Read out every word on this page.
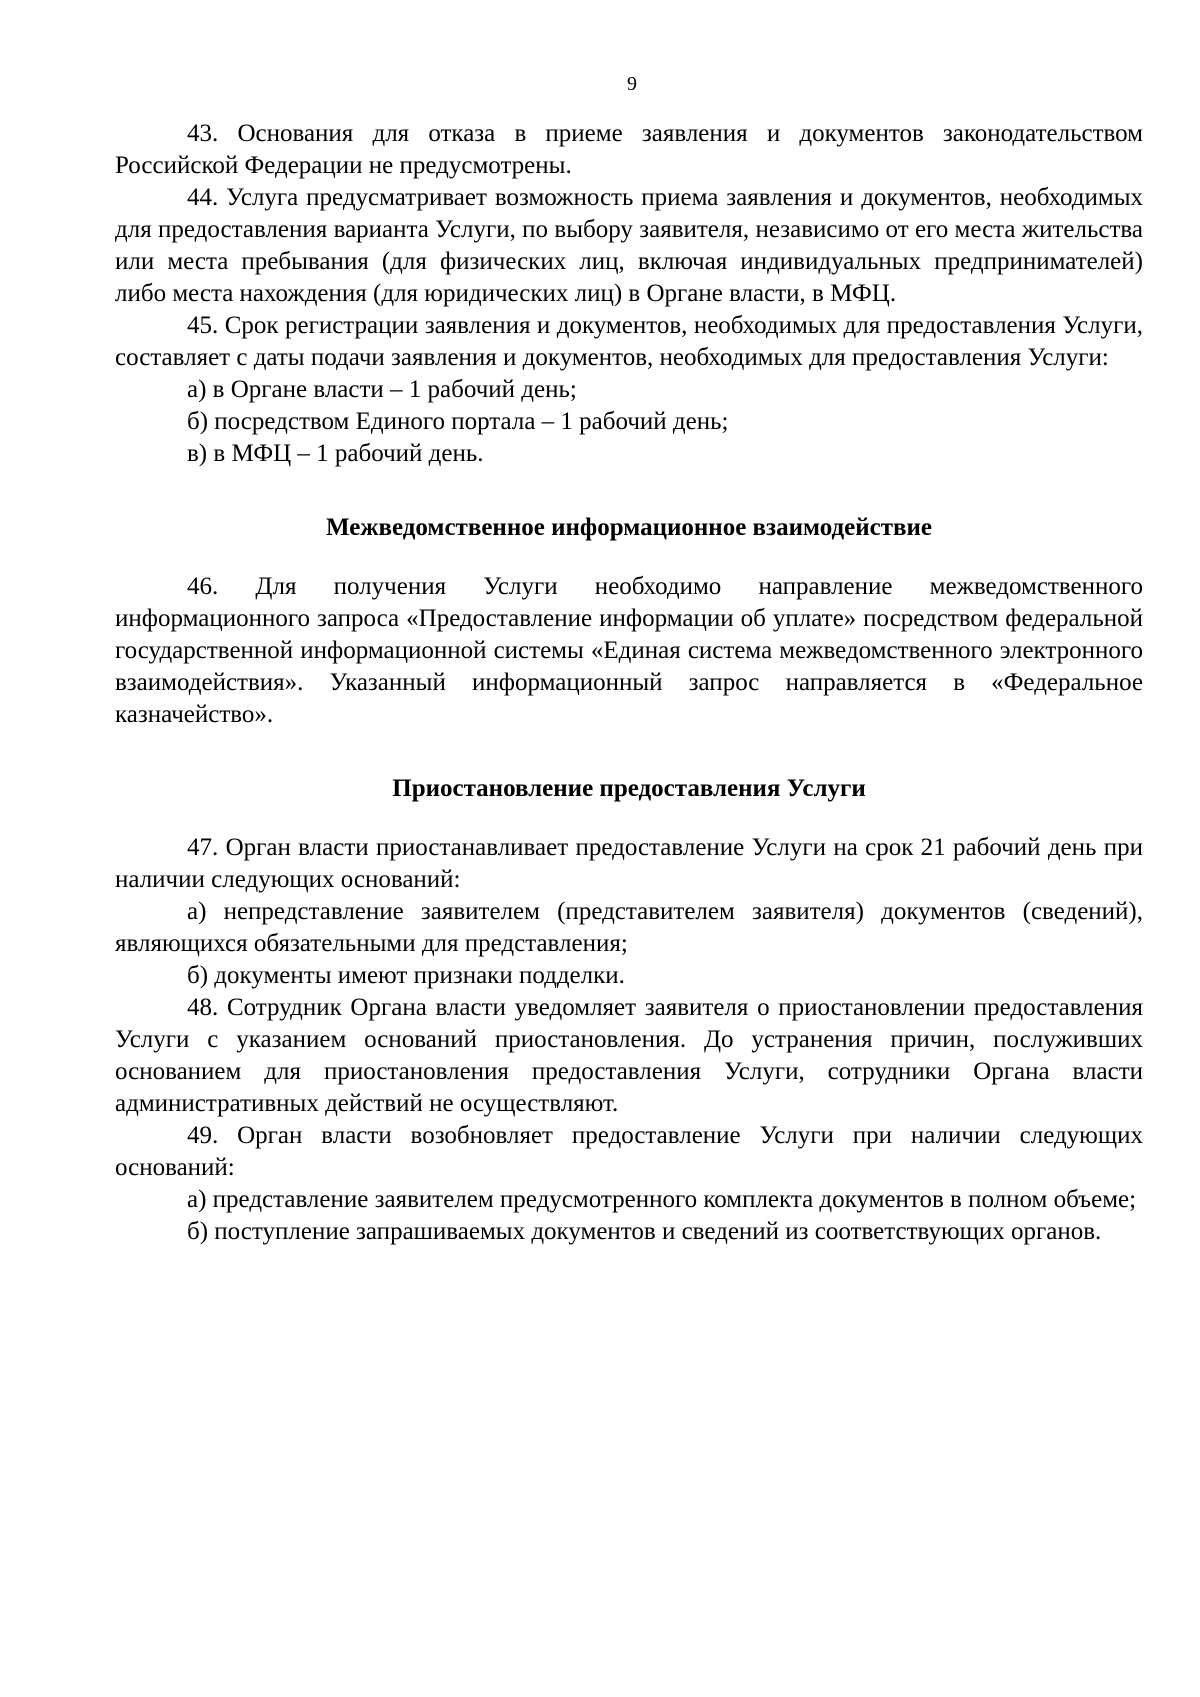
9

43. Основания для отказа в приеме заявления и документов законодательством Российской Федерации не предусмотрены.

44. Услуга предусматривает возможность приема заявления и документов, необходимых для предоставления варианта Услуги, по выбору заявителя, независимо от его места жительства или места пребывания (для физических лиц, включая индивидуальных предпринимателей) либо места нахождения (для юридических лиц) в Органе власти, в МФЦ.

45. Срок регистрации заявления и документов, необходимых для предоставления Услуги, составляет с даты подачи заявления и документов, необходимых для предоставления Услуги:

а) в Органе власти – 1 рабочий день;

б) посредством Единого портала – 1 рабочий день;

в) в МФЦ – 1 рабочий день.

Межведомственное информационное взаимодействие

46. Для получения Услуги необходимо направление межведомственного информационного запроса «Предоставление информации об уплате» посредством федеральной государственной информационной системы «Единая система межведомственного электронного взаимодействия». Указанный информационный запрос направляется в «Федеральное казначейство».

Приостановление предоставления Услуги

47. Орган власти приостанавливает предоставление Услуги на срок 21 рабочий день при наличии следующих оснований:

а) непредставление заявителем (представителем заявителя) документов (сведений), являющихся обязательными для представления;

б) документы имеют признаки подделки.

48. Сотрудник Органа власти уведомляет заявителя о приостановлении предоставления Услуги с указанием оснований приостановления. До устранения причин, послуживших основанием для приостановления предоставления Услуги, сотрудники Органа власти административных действий не осуществляют.

49. Орган власти возобновляет предоставление Услуги при наличии следующих оснований:

а) представление заявителем предусмотренного комплекта документов в полном объеме;

б) поступление запрашиваемых документов и сведений из соответствующих органов.
